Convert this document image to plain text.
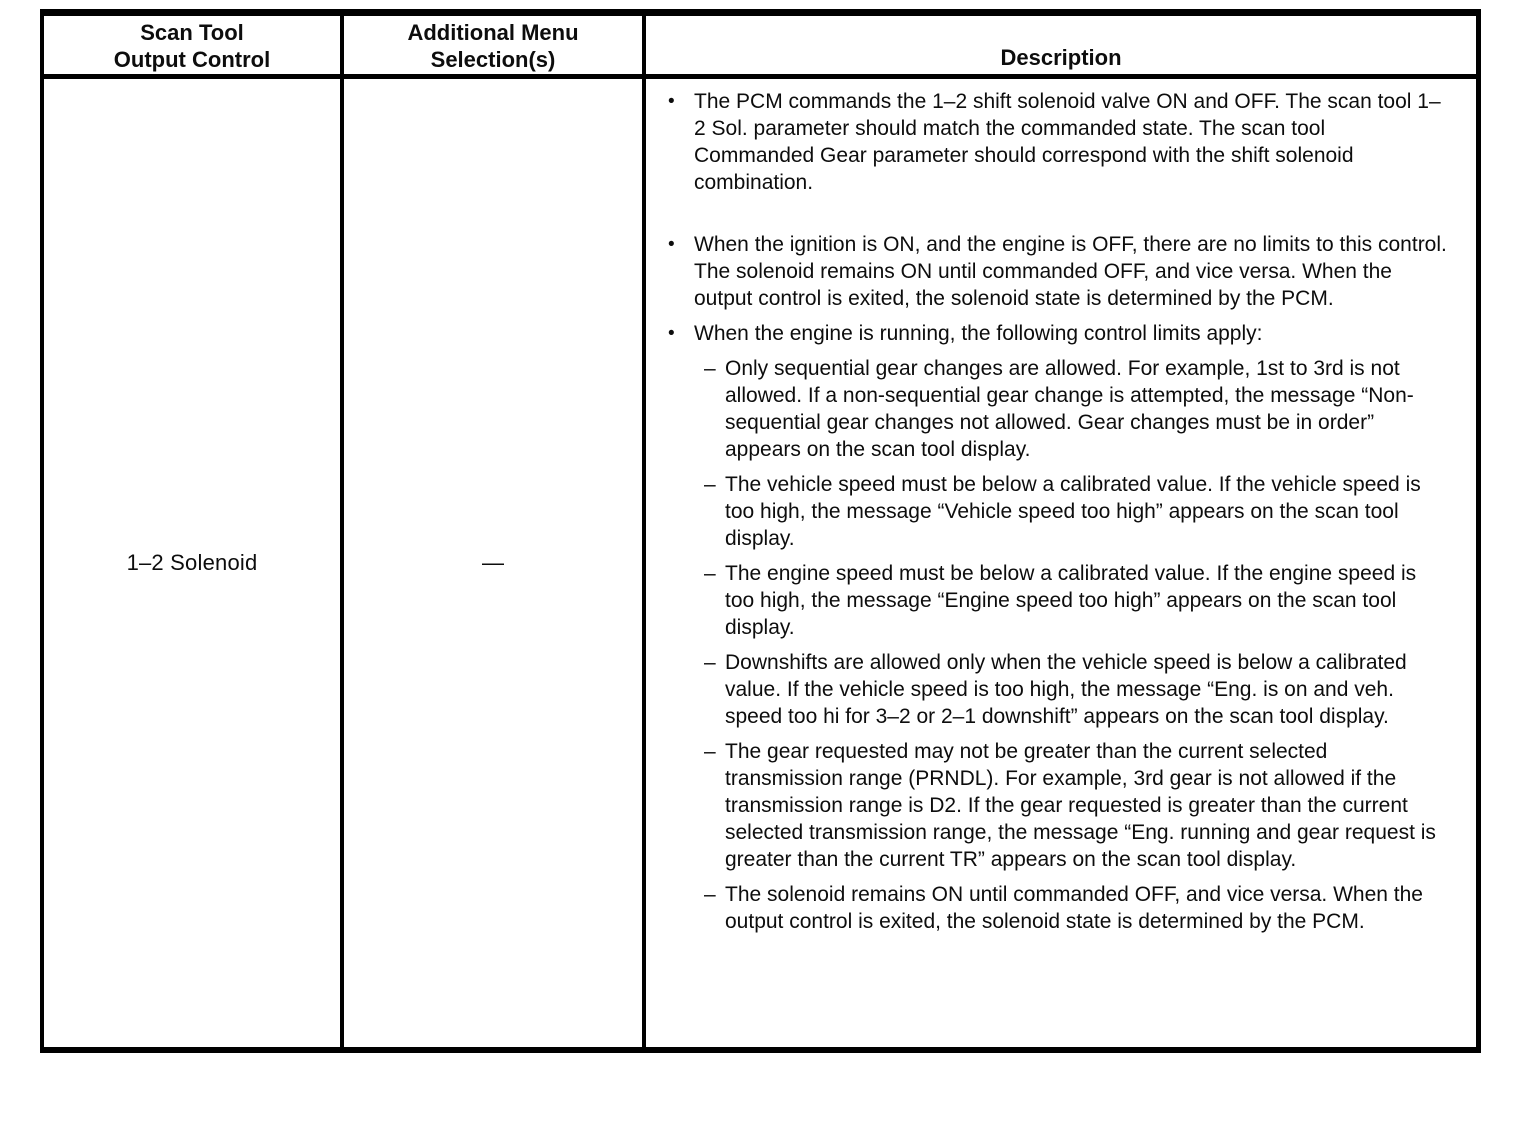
Scan Tool
Output Control
Additional Menu
Selection(s)	Description
1–2 Solenoid	—
• The PCM commands the 1–2 shift solenoid valve ON and OFF. The scan tool 1–2 Sol. parameter should match the commanded state. The scan tool Commanded Gear parameter should correspond with the shift solenoid combination.
• When the ignition is ON, and the engine is OFF, there are no limits to this control. The solenoid remains ON until commanded OFF, and vice versa. When the output control is exited, the solenoid state is determined by the PCM.
• When the engine is running, the following control limits apply:
– Only sequential gear changes are allowed. For example, 1st to 3rd is not allowed. If a non-sequential gear change is attempted, the message “Non-sequential gear changes not allowed. Gear changes must be in order” appears on the scan tool display.
– The vehicle speed must be below a calibrated value. If the vehicle speed is too high, the message “Vehicle speed too high” appears on the scan tool display.
– The engine speed must be below a calibrated value. If the engine speed is too high, the message “Engine speed too high” appears on the scan tool display.
– Downshifts are allowed only when the vehicle speed is below a calibrated value. If the vehicle speed is too high, the message “Eng. is on and veh. speed too hi for 3–2 or 2–1 downshift” appears on the scan tool display.
– The gear requested may not be greater than the current selected transmission range (PRNDL). For example, 3rd gear is not allowed if the transmission range is D2. If the gear requested is greater than the current selected transmission range, the message “Eng. running and gear request is greater than the current TR” appears on the scan tool display.
– The solenoid remains ON until commanded OFF, and vice versa. When the output control is exited, the solenoid state is determined by the PCM.
